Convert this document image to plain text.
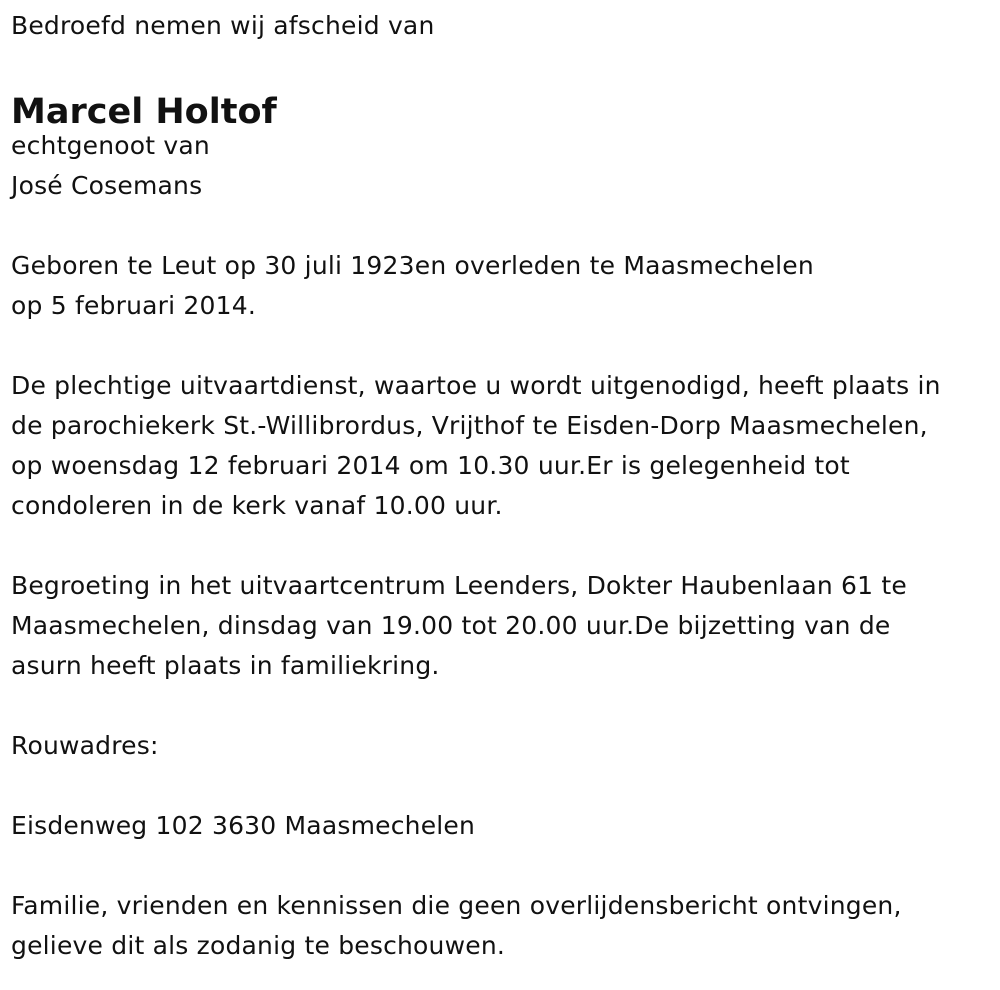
Bedroefd nemen wij afscheid van
Marcel Holtof
echtgenoot van
José Cosemans
Geboren te Leut op 30 juli 1923en overleden te Maasmechelen
op 5 februari 2014.
De plechtige uitvaartdienst, waartoe u wordt uitgenodigd, heeft plaats in
de parochiekerk St.-Willibrordus, Vrijthof te Eisden-Dorp Maasmechelen,
op woensdag 12 februari 2014 om 10.30 uur.Er is gelegenheid tot
condoleren in de kerk vanaf 10.00 uur.
Begroeting in het uitvaartcentrum Leenders, Dokter Haubenlaan 61 te
Maasmechelen, dinsdag van 19.00 tot 20.00 uur.De bijzetting van de
asurn heeft plaats in familiekring.
Rouwadres:
Eisdenweg 102 3630 Maasmechelen
Familie, vrienden en kennissen die geen overlijdensbericht ontvingen,
gelieve dit als zodanig te beschouwen.
